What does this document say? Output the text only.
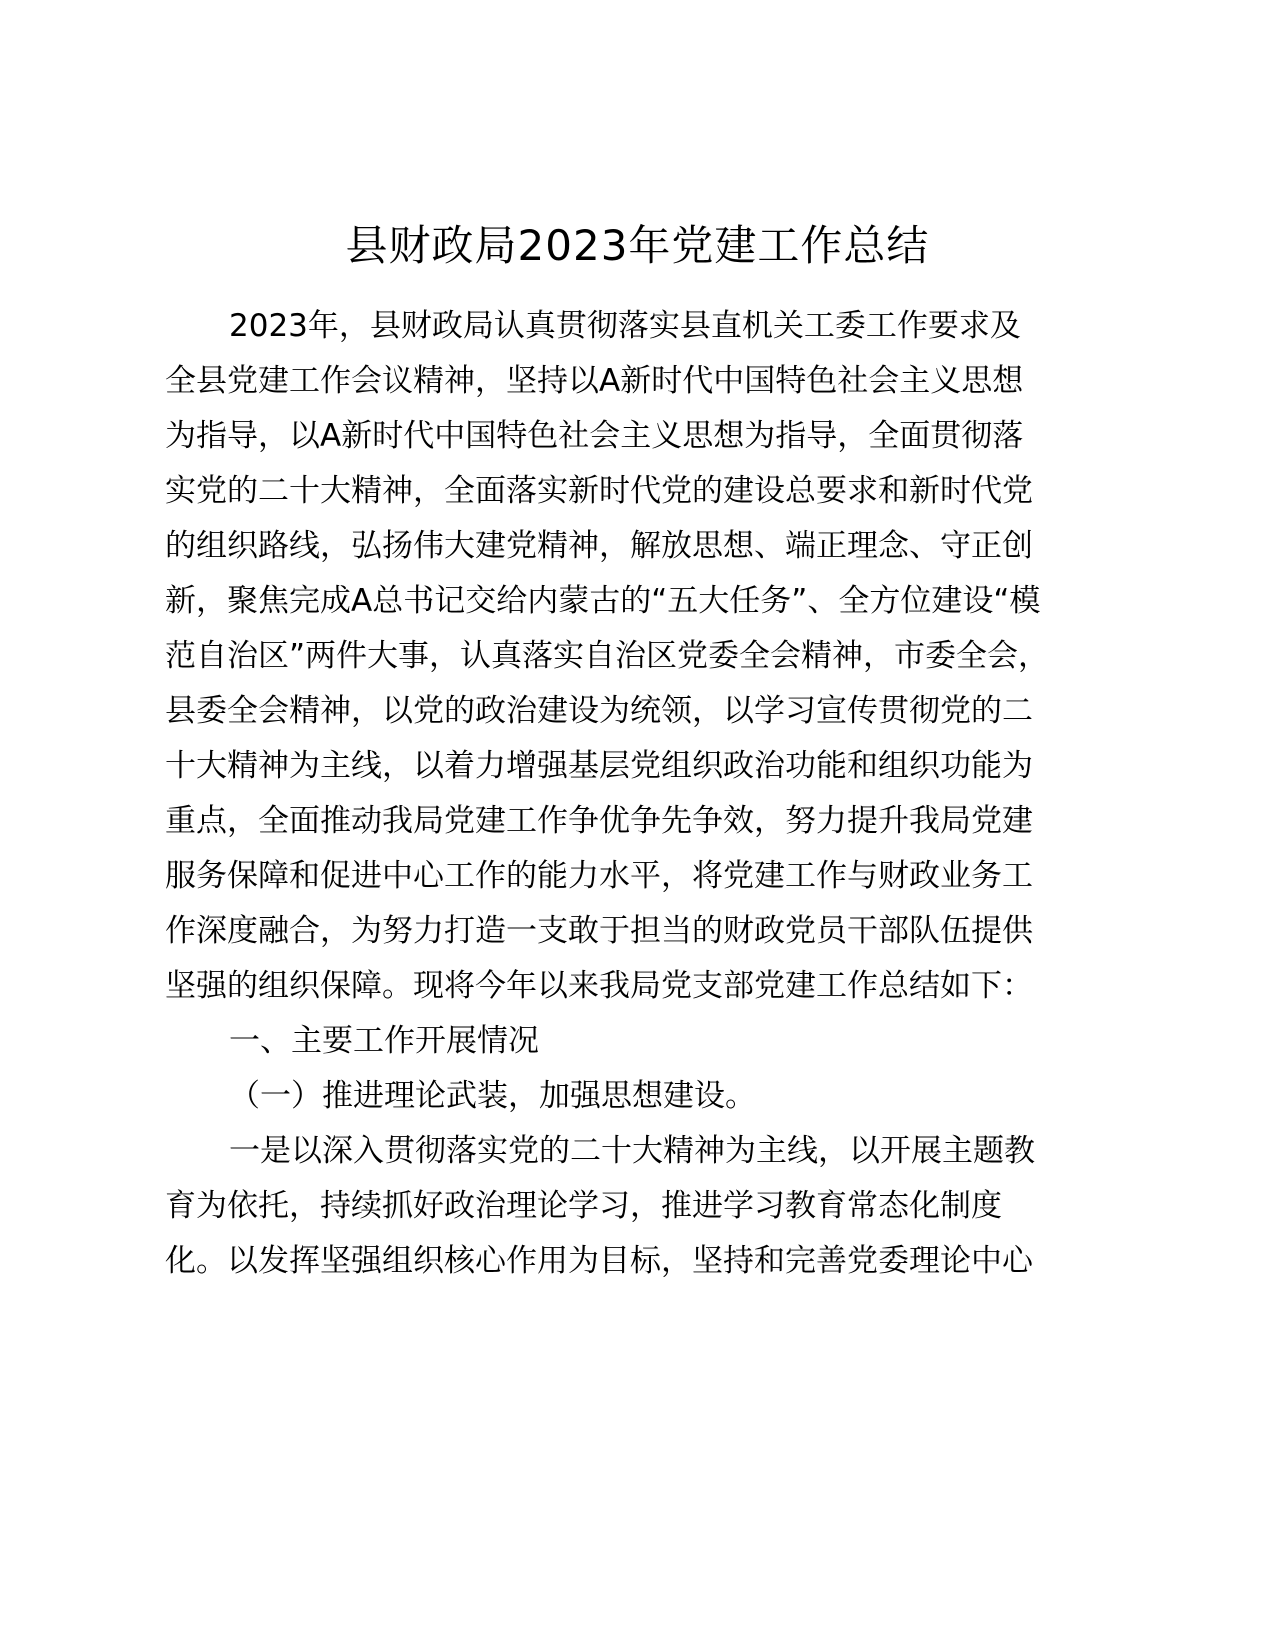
县财政局2023年党建工作总结
2023年，县财政局认真贯彻落实县直机关工委工作要求及
全县党建工作会议精神，坚持以A新时代中国特色社会主义思想
为指导，以A新时代中国特色社会主义思想为指导，全面贯彻落
实党的二十大精神，全面落实新时代党的建设总要求和新时代党
的组织路线，弘扬伟大建党精神，解放思想、端正理念、守正创
新，聚焦完成A总书记交给内蒙古的“五大任务”、全方位建设“模
范自治区”两件大事，认真落实自治区党委全会精神，市委全会，
县委全会精神，以党的政治建设为统领，以学习宣传贯彻党的二
十大精神为主线，以着力增强基层党组织政治功能和组织功能为
重点，全面推动我局党建工作争优争先争效，努力提升我局党建
服务保障和促进中心工作的能力水平，将党建工作与财政业务工
作深度融合，为努力打造一支敢于担当的财政党员干部队伍提供
坚强的组织保障。现将今年以来我局党支部党建工作总结如下：
一、主要工作开展情况
（一）推进理论武装，加强思想建设。
一是以深入贯彻落实党的二十大精神为主线，以开展主题教
育为依托，持续抓好政治理论学习，推进学习教育常态化制度
化。以发挥坚强组织核心作用为目标，坚持和完善党委理论中心
